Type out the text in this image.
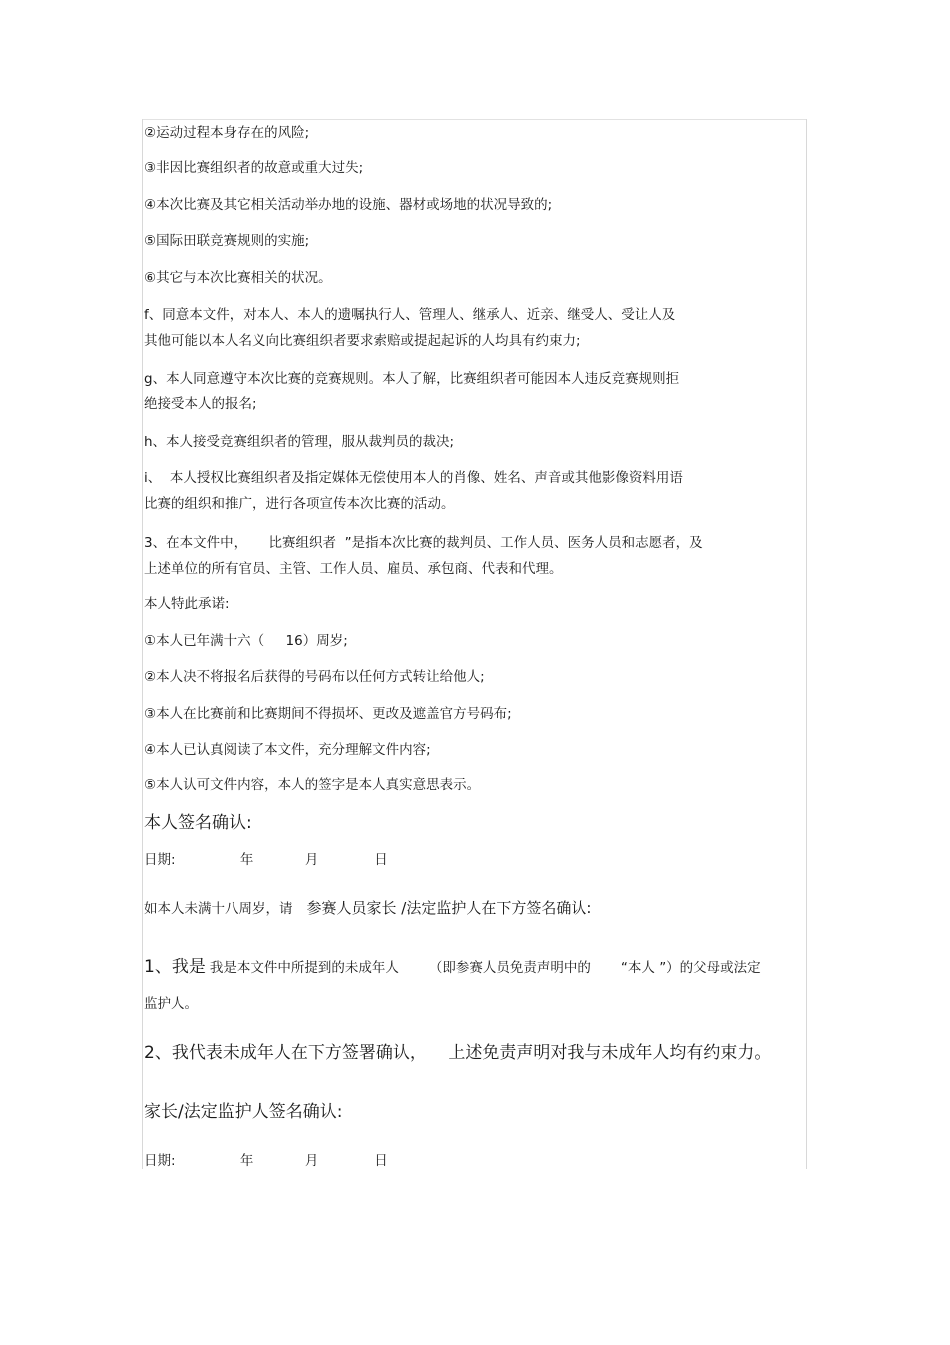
②运动过程本身存在的风险;
③非因比赛组织者的故意或重大过失;
④本次比赛及其它相关活动举办地的设施、器材或场地的状况导致的;
⑤国际田联竞赛规则的实施;
⑥其它与本次比赛相关的状况。
f、同意本文件，对本人、本人的遗嘱执行人、管理人、继承人、近亲、继受人、受让人及
其他可能以本人名义向比赛组织者要求索赔或提起起诉的人均具有约束力;
g、本人同意遵守本次比赛的竞赛规则。本人了解，比赛组织者可能因本人违反竞赛规则拒
绝接受本人的报名;
h、本人接受竞赛组织者的管理，服从裁判员的裁决;
i、  本人授权比赛组织者及指定媒体无偿使用本人的肖像、姓名、声音或其他影像资料用语
比赛的组织和推广，进行各项宣传本次比赛的活动。
3、在本文件中，     比赛组织者  ”是指本次比赛的裁判员、工作人员、医务人员和志愿者，及
上述单位的所有官员、主管、工作人员、雇员、承包商、代表和代理。
本人特此承诺:
①本人已年满十六（     16）周岁;
②本人决不将报名后获得的号码布以任何方式转让给他人;
③本人在比赛前和比赛期间不得损坏、更改及遮盖官方号码布;
④本人已认真阅读了本文件，充分理解文件内容;
⑤本人认可文件内容，本人的签字是本人真实意思表示。
本人签名确认:
日期:               年            月             日
如本人未满十八周岁，请 参赛人员家长 /法定监护人在下方签名确认:
1、我是 我是本文件中所提到的未成年人       （即参赛人员免责声明中的       “本人 ”）的父母或法定
监护人。
2、我代表未成年人在下方签署确认，    上述免责声明对我与未成年人均有约束力。
家长/法定监护人签名确认:
日期:               年            月             日
